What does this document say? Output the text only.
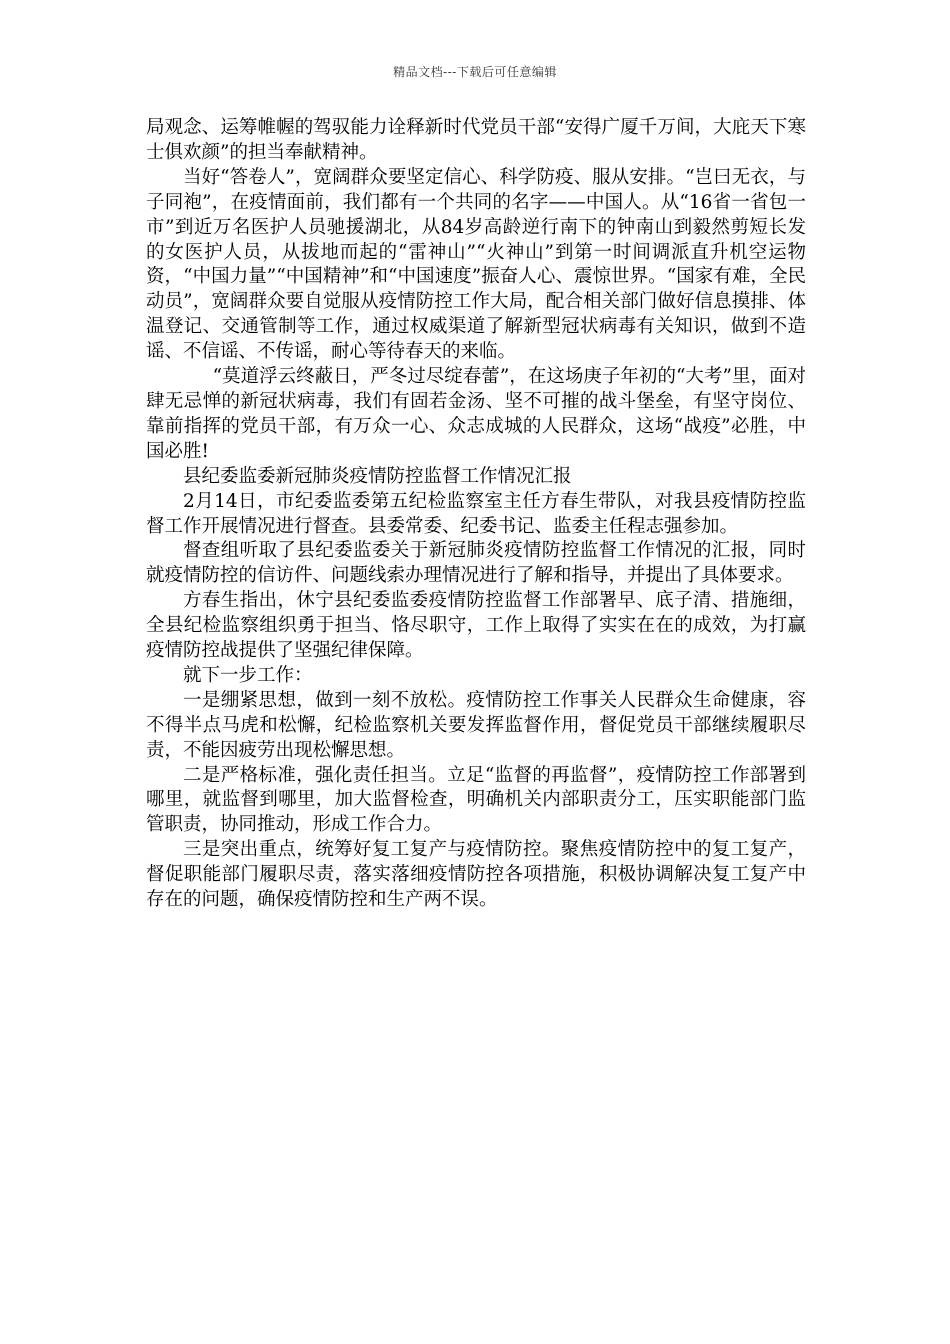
精品文档---下载后可任意编辑

局观念、运筹帷幄的驾驭能力诠释新时代党员干部“安得广厦千万间，大庇天下寒士俱欢颜”的担当奉献精神。

当好“答卷人”，宽阔群众要坚定信心、科学防疫、服从安排。“岂曰无衣，与子同袍”，在疫情面前，我们都有一个共同的名字——中国人。从“16省一省包一市”到近万名医护人员驰援湖北，从84岁高龄逆行南下的钟南山到毅然剪短长发的女医护人员，从拔地而起的“雷神山”“火神山”到第一时间调派直升机空运物资，“中国力量”“中国精神”和“中国速度”振奋人心、震惊世界。“国家有难，全民动员”，宽阔群众要自觉服从疫情防控工作大局，配合相关部门做好信息摸排、体温登记、交通管制等工作，通过权威渠道了解新型冠状病毒有关知识，做到不造谣、不信谣、不传谣，耐心等待春天的来临。

“莫道浮云终蔽日，严冬过尽绽春蕾”，在这场庚子年初的“大考”里，面对肆无忌惮的新冠状病毒，我们有固若金汤、坚不可摧的战斗堡垒，有坚守岗位、靠前指挥的党员干部，有万众一心、众志成城的人民群众，这场“战疫”必胜，中国必胜!

县纪委监委新冠肺炎疫情防控监督工作情况汇报

2月14日，市纪委监委第五纪检监察室主任方春生带队，对我县疫情防控监督工作开展情况进行督查。县委常委、纪委书记、监委主任程志强参加。

督查组听取了县纪委监委关于新冠肺炎疫情防控监督工作情况的汇报，同时就疫情防控的信访件、问题线索办理情况进行了解和指导，并提出了具体要求。

方春生指出，休宁县纪委监委疫情防控监督工作部署早、底子清、措施细，全县纪检监察组织勇于担当、恪尽职守，工作上取得了实实在在的成效，为打赢疫情防控战提供了坚强纪律保障。

就下一步工作：

一是绷紧思想，做到一刻不放松。疫情防控工作事关人民群众生命健康，容不得半点马虎和松懈，纪检监察机关要发挥监督作用，督促党员干部继续履职尽责，不能因疲劳出现松懈思想。

二是严格标准，强化责任担当。立足“监督的再监督”，疫情防控工作部署到哪里，就监督到哪里，加大监督检查，明确机关内部职责分工，压实职能部门监管职责，协同推动，形成工作合力。

三是突出重点，统筹好复工复产与疫情防控。聚焦疫情防控中的复工复产，督促职能部门履职尽责，落实落细疫情防控各项措施，积极协调解决复工复产中存在的问题，确保疫情防控和生产两不误。
